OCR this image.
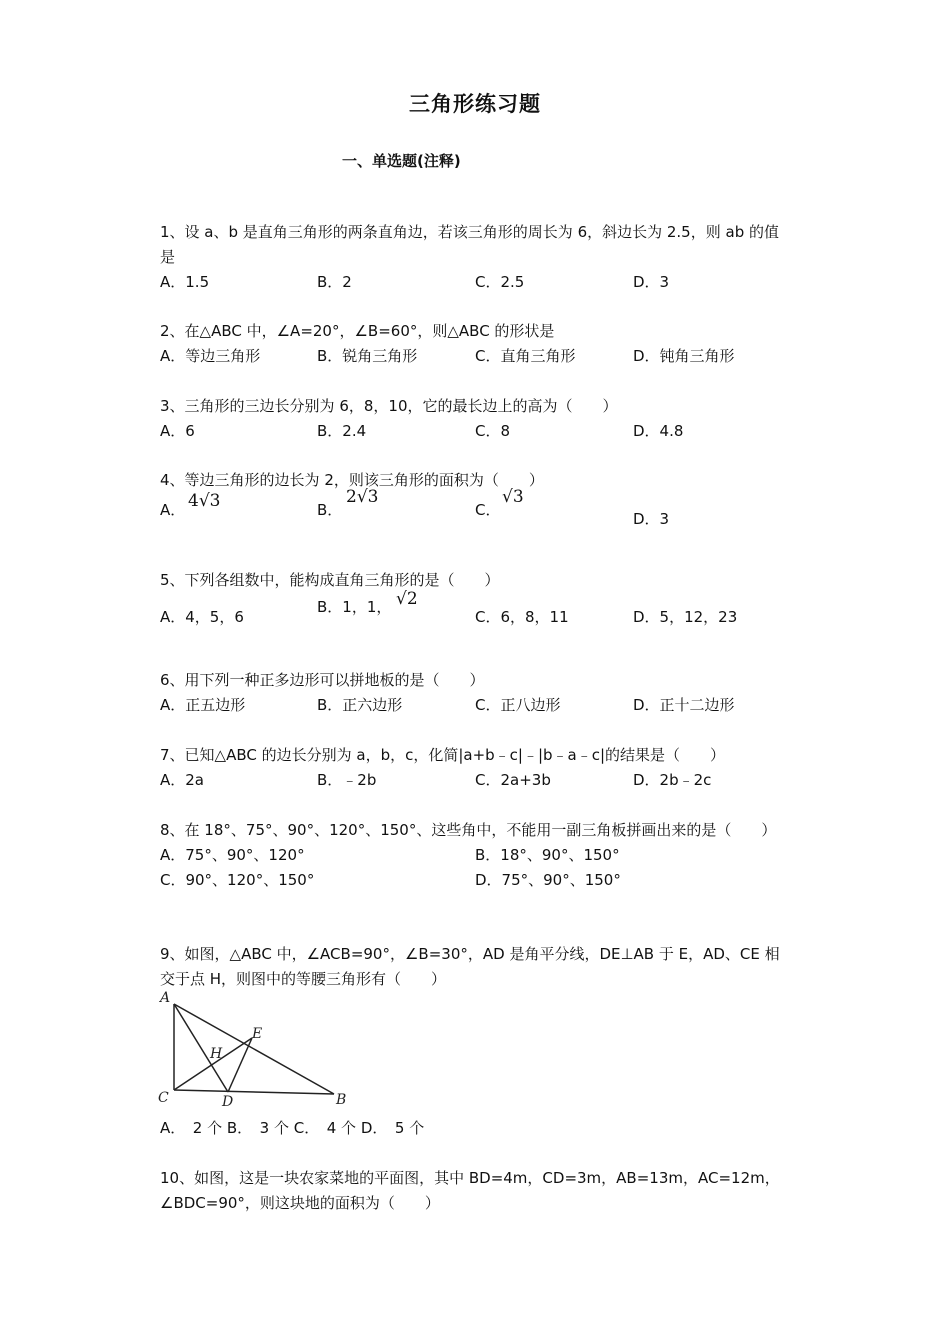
三角形练习题
一、单选题(注释)
1、设 a、b 是直角三角形的两条直角边，若该三角形的周长为 6，斜边长为 2.5，则 ab 的值是
A．1.5	B．2	C．2.5	D．3
2、在△ABC 中，∠A=20°，∠B=60°，则△ABC 的形状是
A．等边三角形	B．锐角三角形	C．直角三角形	D．钝角三角形
3、三角形的三边长分别为 6，8，10，它的最长边上的高为（　　）
A．6	B．2.4	C．8	D．4.8
4、等边三角形的边长为 2，则该三角形的面积为（　　）
A． 4√3	B．
2√3
C．
√3
D．3
5、下列各组数中，能构成直角三角形的是（　　）
A．4，5，6
B．1，1， √2
C．6，8，11	D．5，12，23
6、用下列一种正多边形可以拼地板的是（　　）
A．正五边形	B．正六边形	C．正八边形	D．正十二边形
7、已知△ABC 的边长分别为 a，b，c，化简|a+b﹣c|﹣|b﹣a﹣c|的结果是（　　）
A．2a	B．﹣2b	C．2a+3b	D．2b﹣2c
8、在 18°、75°、90°、120°、150°、这些角中，不能用一副三角板拼画出来的是（　　）
A．75°、90°、120°	B．18°、90°、150°
C．90°、120°、150°	D．75°、90°、150°
9、如图，△ABC 中，∠ACB=90°，∠B=30°，AD 是角平分线，DE⊥AB 于 E，AD、CE 相交于点 H，则图中的等腰三角形有（　　）
A
E
H
C	D	B
A．　2 个 B．　3 个 C．　4 个 D．　5 个
10、如图，这是一块农家菜地的平面图，其中 BD=4m，CD=3m，AB=13m，AC=12m，∠BDC=90°，则这块地的面积为（　　）
